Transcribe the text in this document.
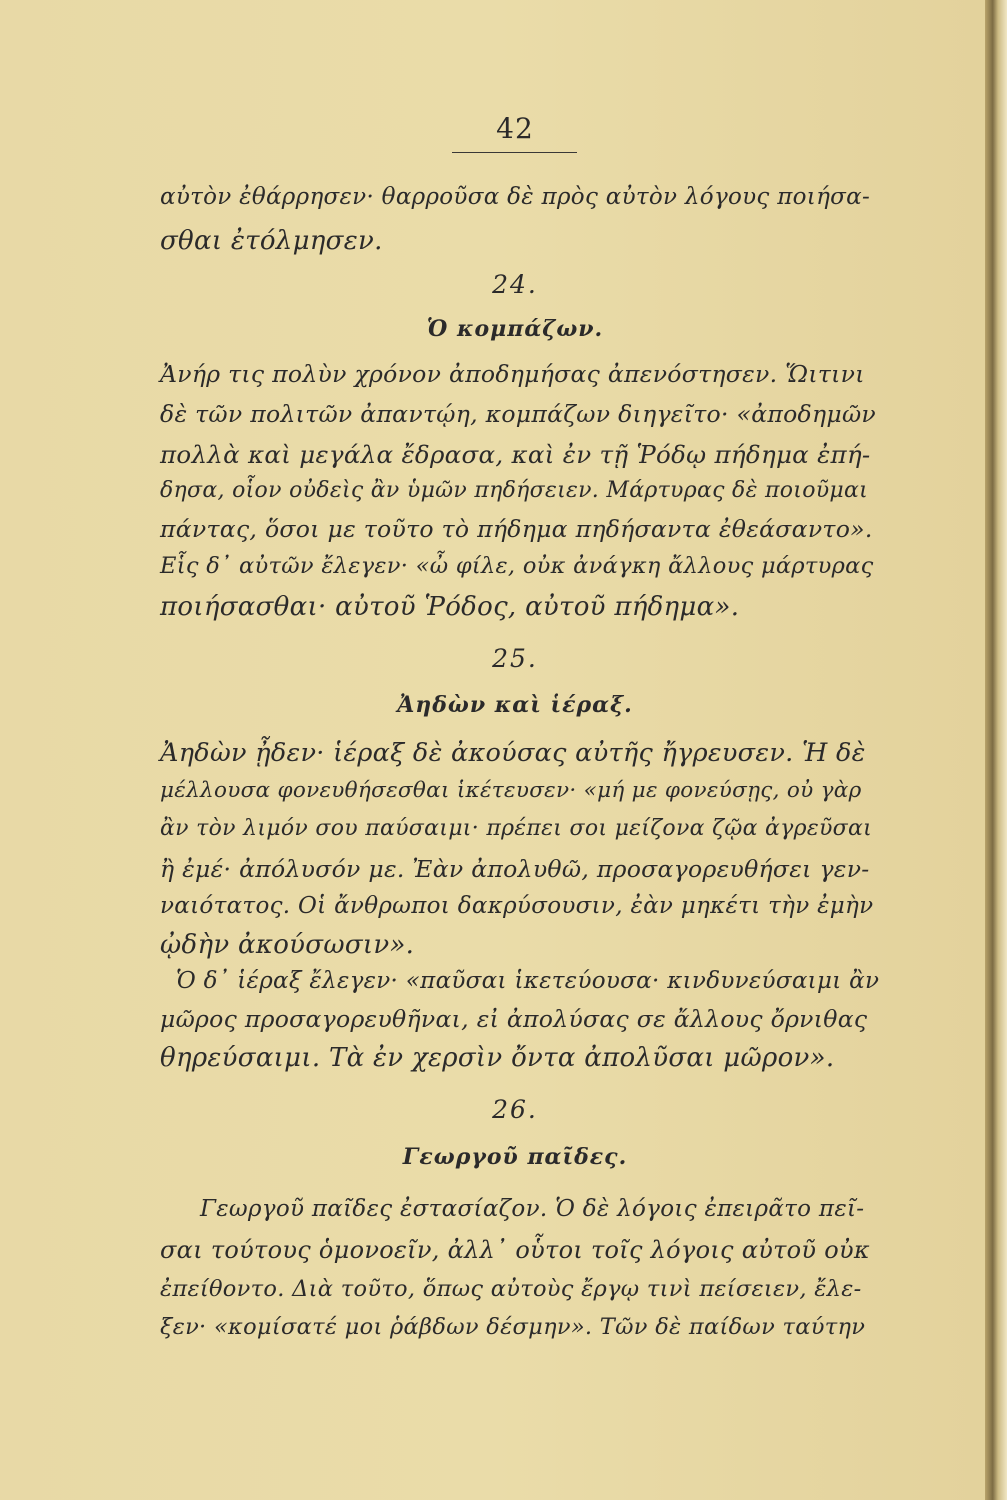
42
αὐτὸν ἐθάρρησεν· θαρροῦσα δὲ πρὸς αὐτὸν λόγους ποιήσα-
σθαι ἐτόλμησεν.
24.
Ὁ κομπάζων.
Ἀνήρ τις πολὺν χρόνον ἀποδημήσας ἀπενόστησεν. Ὥιτινι
δὲ τῶν πολιτῶν ἀπαντῴη, κομπάζων διηγεῖτο· «ἀποδημῶν
πολλὰ καὶ μεγάλα ἔδρασα, καὶ ἐν τῇ Ῥόδῳ πήδημα ἐπή-
δησα, οἷον οὐδεὶς ἂν ὑμῶν πηδήσειεν. Μάρτυρας δὲ ποιοῦμαι
πάντας, ὅσοι με τοῦτο τὸ πήδημα πηδήσαντα ἐθεάσαντο».
Εἷς δ᾽ αὐτῶν ἔλεγεν· «ὦ φίλε, οὐκ ἀνάγκη ἄλλους μάρτυρας
ποιήσασθαι· αὐτοῦ Ῥόδος, αὐτοῦ πήδημα».
25.
Ἀηδὼν καὶ ἱέραξ.
Ἀηδὼν ᾖδεν· ἱέραξ δὲ ἀκούσας αὐτῆς ἤγρευσεν. Ἡ δὲ
μέλλουσα φονευθήσεσθαι ἱκέτευσεν· «μή με φονεύσῃς, οὐ γὰρ
ἂν τὸν λιμόν σου παύσαιμι· πρέπει σοι μείζονα ζῷα ἀγρεῦσαι
ἢ ἐμέ· ἀπόλυσόν με. Ἐὰν ἀπολυθῶ, προσαγορευθήσει γεν-
ναιότατος. Οἱ ἄνθρωποι δακρύσουσιν, ἐὰν μηκέτι τὴν ἐμὴν
ᾠδὴν ἀκούσωσιν».
Ὁ δ᾽ ἱέραξ ἔλεγεν· «παῦσαι ἱκετεύουσα· κινδυνεύσαιμι ἂν
μῶρος προσαγορευθῆναι, εἰ ἀπολύσας σε ἄλλους ὄρνιθας
θηρεύσαιμι. Τὰ ἐν χερσὶν ὄντα ἀπολῦσαι μῶρον».
26.
Γεωργοῦ παῖδες.
Γεωργοῦ παῖδες ἐστασίαζον. Ὁ δὲ λόγοις ἐπειρᾶτο πεῖ-
σαι τούτους ὁμονοεῖν, ἀλλ᾽ οὗτοι τοῖς λόγοις αὐτοῦ οὐκ
ἐπείθοντο. Διὰ τοῦτο, ὅπως αὐτοὺς ἔργῳ τινὶ πείσειεν, ἔλε-
ξεν· «κομίσατέ μοι ῥάβδων δέσμην». Τῶν δὲ παίδων ταύτην
